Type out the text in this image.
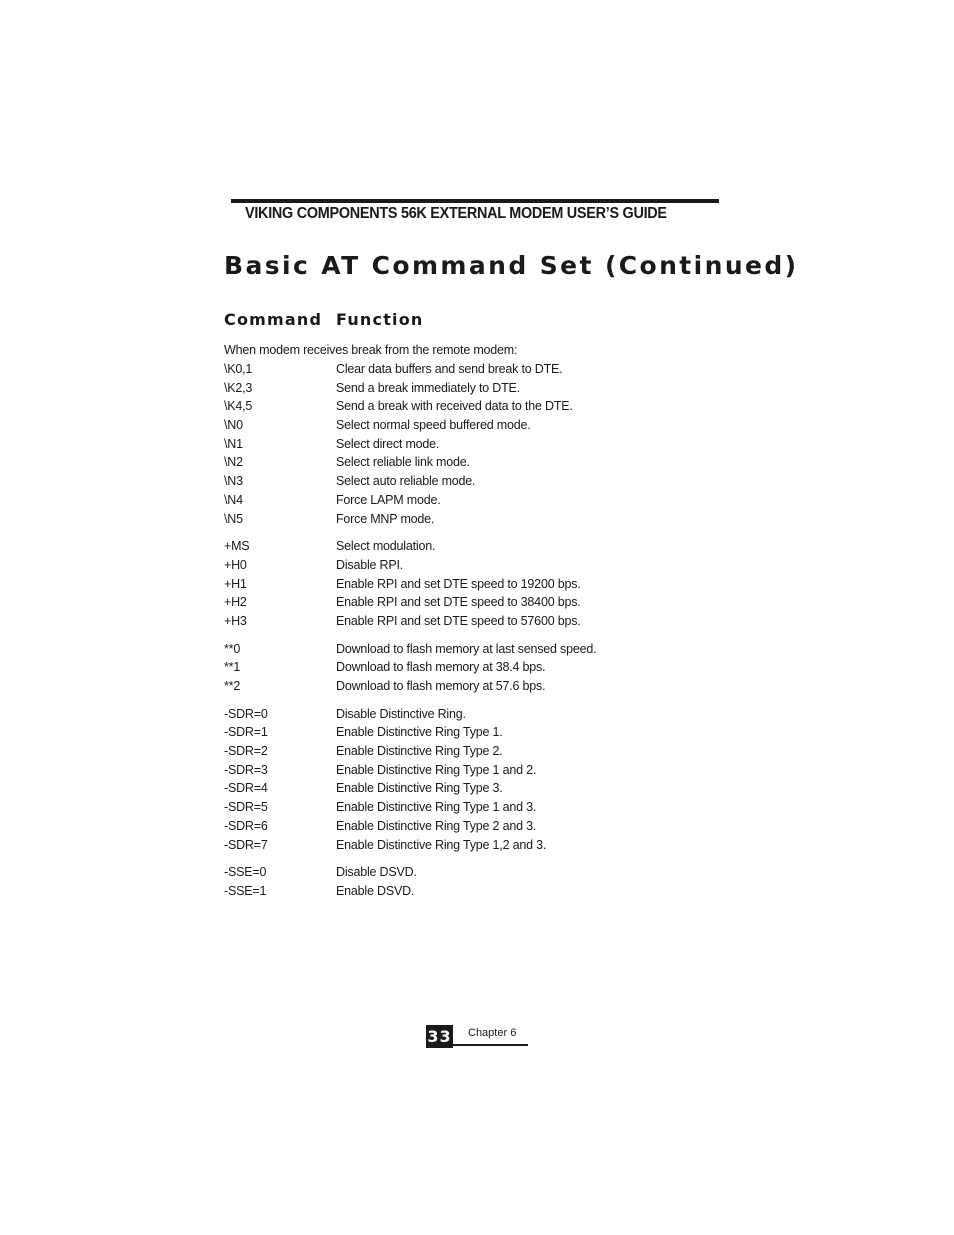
VIKING COMPONENTS 56K EXTERNAL MODEM USER’S GUIDE
Basic AT Command Set (Continued)
Command Function
When modem receives break from the remote modem:
\K0,1	Clear data buffers and send break to DTE.
\K2,3	Send a break immediately to DTE.
\K4,5	Send a break with received data to the DTE.
\N0	Select normal speed buffered mode.
\N1	Select direct mode.
\N2	Select reliable link mode.
\N3	Select auto reliable mode.
\N4	Force LAPM mode.
\N5	Force MNP mode.
+MS	Select modulation.
+H0	Disable RPI.
+H1	Enable RPI and set DTE speed to 19200 bps.
+H2	Enable RPI and set DTE speed to 38400 bps.
+H3	Enable RPI and set DTE speed to 57600 bps.
**0	Download to flash memory at last sensed speed.
**1	Download to flash memory at 38.4 bps.
**2	Download to flash memory at 57.6 bps.
-SDR=0	Disable Distinctive Ring.
-SDR=1	Enable Distinctive Ring Type 1.
-SDR=2	Enable Distinctive Ring Type 2.
-SDR=3	Enable Distinctive Ring Type 1 and 2.
-SDR=4	Enable Distinctive Ring Type 3.
-SDR=5	Enable Distinctive Ring Type 1 and 3.
-SDR=6	Enable Distinctive Ring Type 2 and 3.
-SDR=7	Enable Distinctive Ring Type 1,2 and 3.
-SSE=0	Disable DSVD.
-SSE=1	Enable DSVD.
33 Chapter 6
